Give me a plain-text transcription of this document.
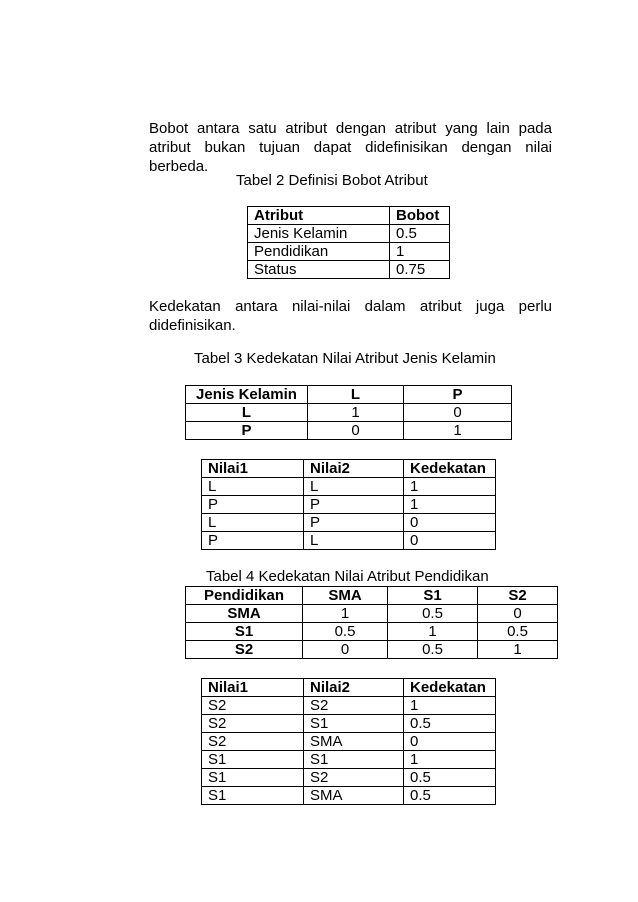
Bobot antara satu atribut dengan atribut yang lain pada
atribut bukan tujuan dapat didefinisikan dengan nilai
berbeda.
Tabel 2 Definisi Bobot Atribut
Atribut	Bobot
Jenis Kelamin	0.5
Pendidikan	1
Status	0.75
Kedekatan antara nilai-nilai dalam atribut juga perlu
didefinisikan.
Tabel 3 Kedekatan Nilai Atribut Jenis Kelamin
Jenis Kelamin	L	P
L	1	0
P	0	1
Nilai1	Nilai2	Kedekatan
L	L	1
P	P	1
L	P	0
P	L	0
Tabel 4 Kedekatan Nilai Atribut Pendidikan
Pendidikan	SMA	S1	S2
SMA	1	0.5	0
S1	0.5	1	0.5
S2	0	0.5	1
Nilai1	Nilai2	Kedekatan
S2	S2	1
S2	S1	0.5
S2	SMA	0
S1	S1	1
S1	S2	0.5
S1	SMA	0.5
